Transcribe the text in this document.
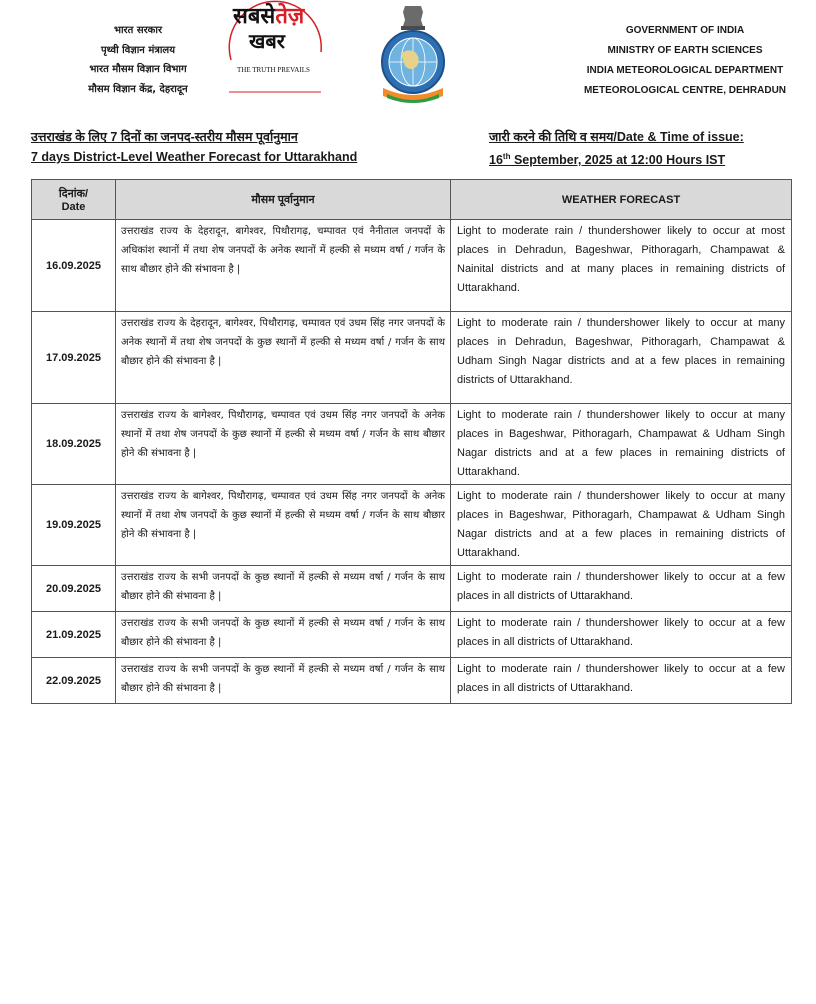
भारत सरकार
पृथ्वी विज्ञान मंत्रालय
भारत मौसम विज्ञान विभाग
मौसम विज्ञान केंद्र, देहरादून
सबसेतेज़
खबर
THE TRUTH PREVAILS
GOVERNMENT OF INDIA
MINISTRY OF EARTH SCIENCES
INDIA METEOROLOGICAL DEPARTMENT
METEOROLOGICAL CENTRE, DEHRADUN
उत्तराखंड के लिए 7 दिनों का जनपद-स्तरीय मौसम पूर्वानुमान
7 days District-Level Weather Forecast for Uttarakhand
जारी करने की तिथि व समय/Date & Time of issue:
16th September, 2025 at 12:00 Hours IST
दिनांक/
Date	मौसम पूर्वानुमान	WEATHER FORECAST
16.09.2025	उत्तराखंड राज्य के देहरादून, बागेश्वर, पिथौरागढ़, चम्पावत एवं नैनीताल जनपदों के अधिकांश स्थानों में तथा शेष जनपदों के अनेक स्थानों में हल्की से मध्यम वर्षा / गर्जन के साथ बौछार होने की संभावना है |	Light to moderate rain / thundershower likely to occur at most places in Dehradun, Bageshwar, Pithoragarh, Champawat & Nainital districts and at many places in remaining districts of Uttarakhand.
17.09.2025	उत्तराखंड राज्य के देहरादून, बागेश्वर, पिथौरागढ़, चम्पावत एवं उधम सिंह नगर जनपदों के अनेक स्थानों में तथा शेष जनपदों के कुछ स्थानों में हल्की से मध्यम वर्षा / गर्जन के साथ बौछार होने की संभावना है |	Light to moderate rain / thundershower likely to occur at many places in Dehradun, Bageshwar, Pithoragarh, Champawat & Udham Singh Nagar districts and at a few places in remaining districts of Uttarakhand.
18.09.2025	उत्तराखंड राज्य के बागेश्वर, पिथौरागढ़, चम्पावत एवं उधम सिंह नगर जनपदों के अनेक स्थानों में तथा शेष जनपदों के कुछ स्थानों में हल्की से मध्यम वर्षा / गर्जन के साथ बौछार होने की संभावना है |	Light to moderate rain / thundershower likely to occur at many places in Bageshwar, Pithoragarh, Champawat & Udham Singh Nagar districts and at a few places in remaining districts of Uttarakhand.
19.09.2025	उत्तराखंड राज्य के बागेश्वर, पिथौरागढ़, चम्पावत एवं उधम सिंह नगर जनपदों के अनेक स्थानों में तथा शेष जनपदों के कुछ स्थानों में हल्की से मध्यम वर्षा / गर्जन के साथ बौछार होने की संभावना है |	Light to moderate rain / thundershower likely to occur at many places in Bageshwar, Pithoragarh, Champawat & Udham Singh Nagar districts and at a few places in remaining districts of Uttarakhand.
20.09.2025	उत्तराखंड राज्य के सभी जनपदों के कुछ स्थानों में हल्की से मध्यम वर्षा / गर्जन के साथ बौछार होने की संभावना है |	Light to moderate rain / thundershower likely to occur at a few places in all districts of Uttarakhand.
21.09.2025	उत्तराखंड राज्य के सभी जनपदों के कुछ स्थानों में हल्की से मध्यम वर्षा / गर्जन के साथ बौछार होने की संभावना है |	Light to moderate rain / thundershower likely to occur at a few places in all districts of Uttarakhand.
22.09.2025	उत्तराखंड राज्य के सभी जनपदों के कुछ स्थानों में हल्की से मध्यम वर्षा / गर्जन के साथ बौछार होने की संभावना है |	Light to moderate rain / thundershower likely to occur at a few places in all districts of Uttarakhand.
